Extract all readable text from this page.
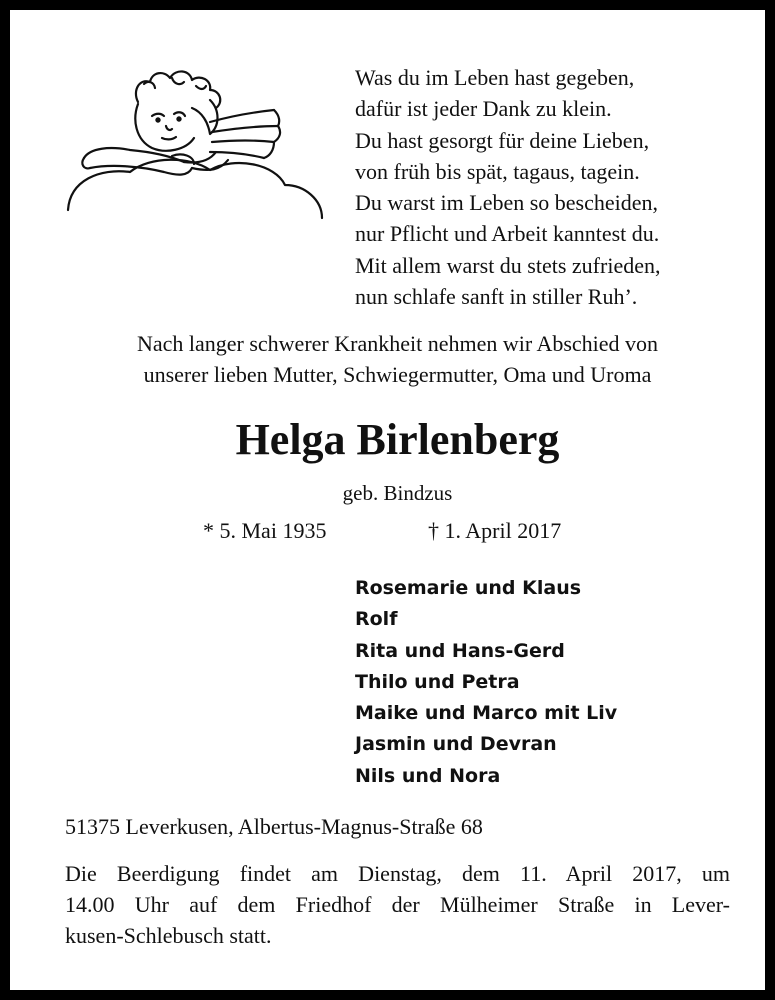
Was du im Leben hast gegeben,
dafür ist jeder Dank zu klein.
Du hast gesorgt für deine Lieben,
von früh bis spät, tagaus, tagein.
Du warst im Leben so bescheiden,
nur Pflicht und Arbeit kanntest du.
Mit allem warst du stets zufrieden,
nun schlafe sanft in stiller Ruh’.
Nach langer schwerer Krankheit nehmen wir Abschied von
unserer lieben Mutter, Schwiegermutter, Oma und Uroma
Helga Birlenberg
geb. Bindzus
* 5. Mai 1935	† 1. April 2017
Rosemarie und Klaus
Rolf
Rita und Hans-Gerd
Thilo und Petra
Maike und Marco mit Liv
Jasmin und Devran
Nils und Nora
51375 Leverkusen, Albertus-Magnus-Straße 68
Die Beerdigung findet am Dienstag, dem 11. April 2017, um
14.00 Uhr auf dem Friedhof der Mülheimer Straße in Lever-
kusen-Schlebusch statt.
